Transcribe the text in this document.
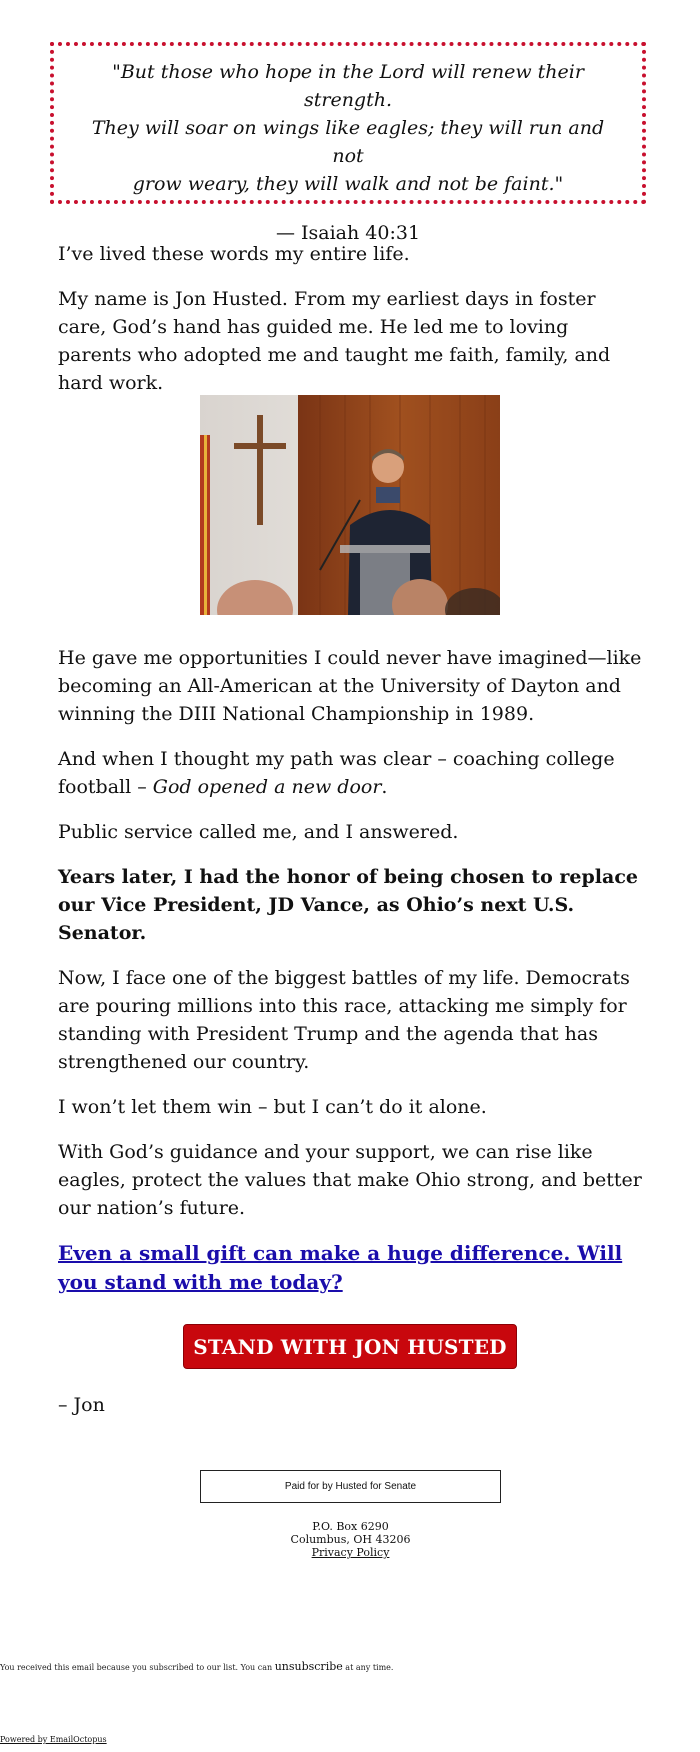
"But those who hope in the Lord will renew their strength.
They will soar on wings like eagles; they will run and not
grow weary, they will walk and not be faint."
— Isaiah 40:31

I’ve lived these words my entire life.

My name is Jon Husted. From my earliest days in foster care, God’s hand has guided me. He led me to loving parents who adopted me and taught me faith, family, and hard work.

He gave me opportunities I could never have imagined—like becoming an All-American at the University of Dayton and winning the DIII National Championship in 1989.

And when I thought my path was clear – coaching college football – God opened a new door.

Public service called me, and I answered.

Years later, I had the honor of being chosen to replace our Vice President, JD Vance, as Ohio’s next U.S. Senator.

Now, I face one of the biggest battles of my life. Democrats are pouring millions into this race, attacking me simply for standing with President Trump and the agenda that has strengthened our country.

I won’t let them win – but I can’t do it alone.

With God’s guidance and your support, we can rise like eagles, protect the values that make Ohio strong, and better our nation’s future.

Even a small gift can make a huge difference. Will you stand with me today?

STAND WITH JON HUSTED
– Jon
Paid for by Husted for Senate
P.O. Box 6290
Columbus, OH 43206
Privacy Policy
You received this email because you subscribed to our list. You can unsubscribe at any time.
Powered by EmailOctopus
